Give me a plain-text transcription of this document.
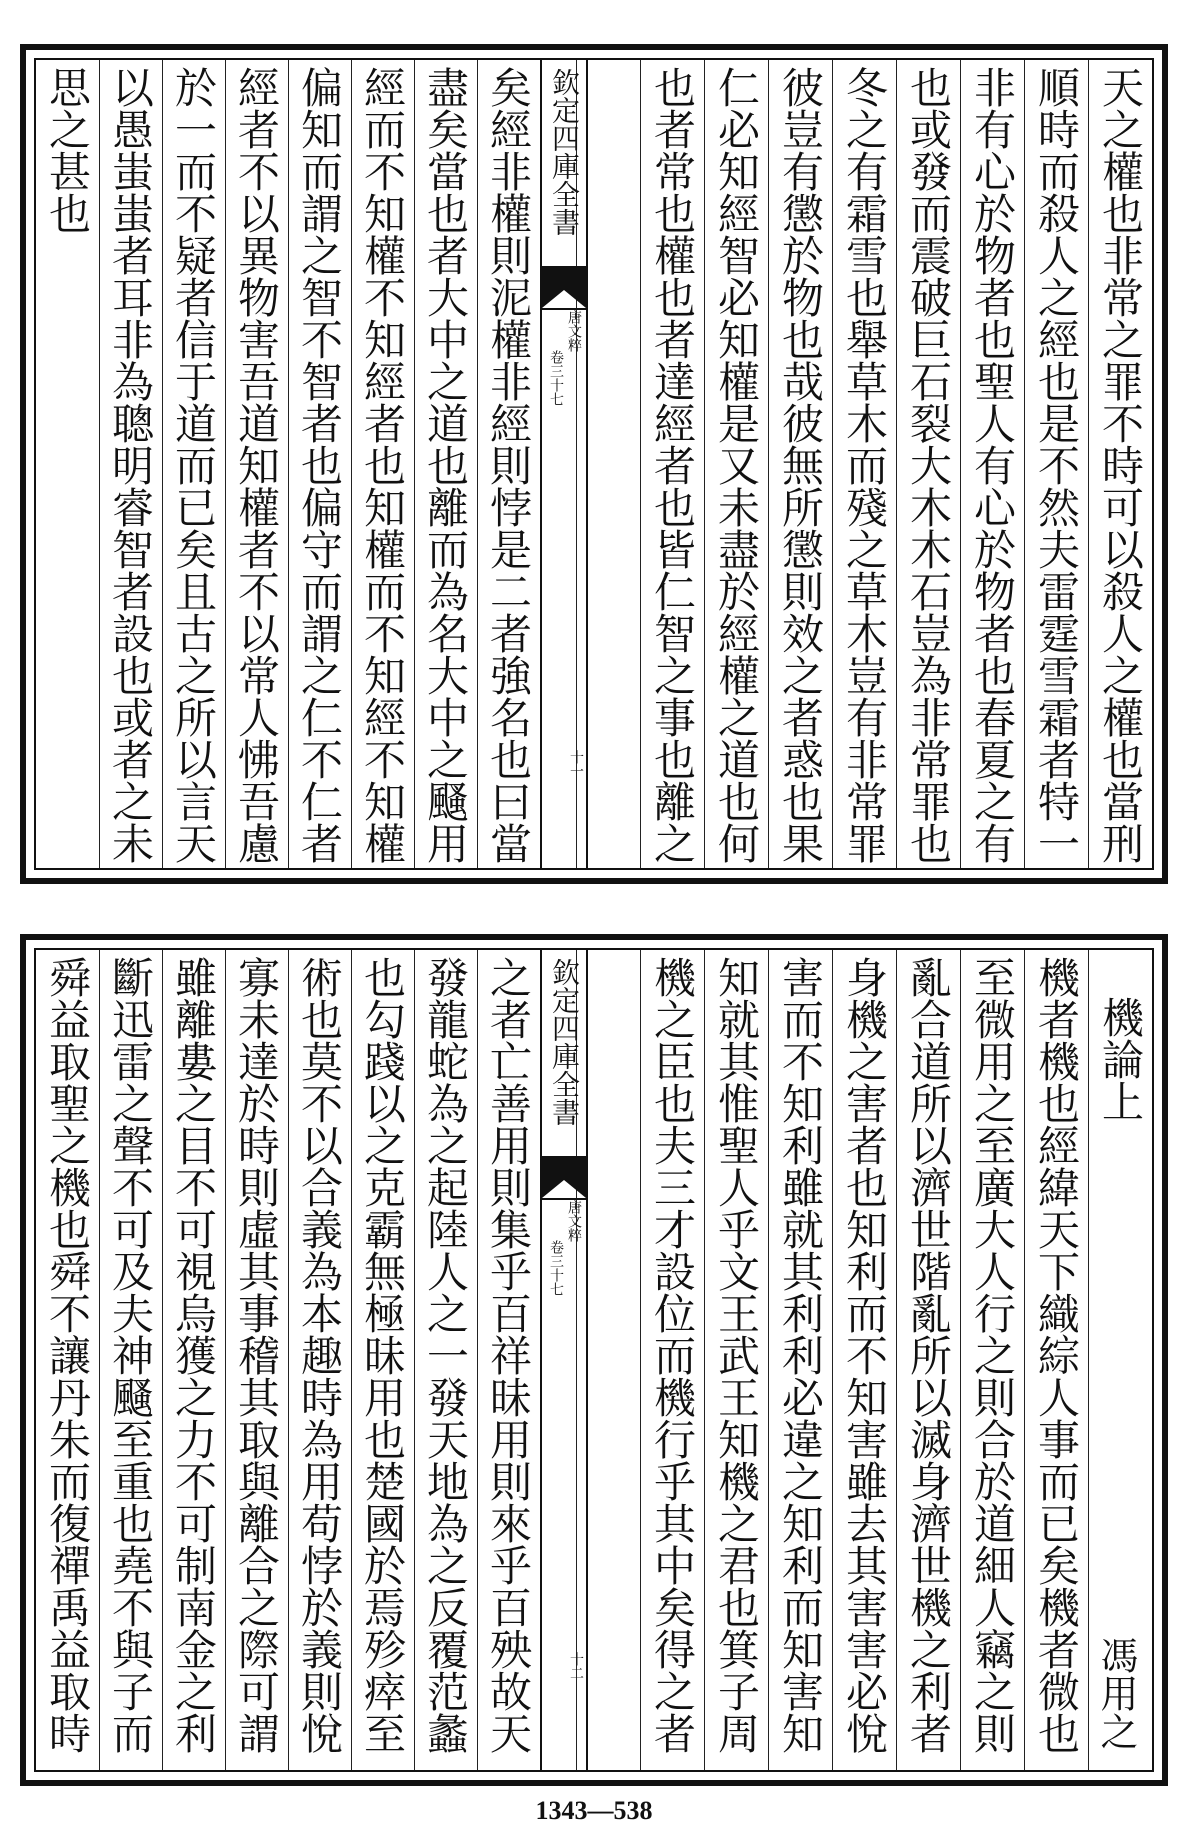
天之權也非常之罪不時可以殺人之權也當刑
順時而殺人之經也是不然夫雷霆雪霜者特一
非有心於物者也聖人有心於物者也春夏之有
也或發而震破巨石裂大木木石豈為非常罪也
冬之有霜雪也舉草木而殘之草木豈有非常罪
彼豈有懲於物也哉彼無所懲則效之者惑也果
仁必知經智必知權是又未盡於經權之道也何
也者常也權也者達經者也皆仁智之事也離之
欽定四庫全書
唐文粹
卷三十七
十一
矣經非權則泥權非經則悖是二者強名也曰當
盡矣當也者大中之道也離而為名大中之颾用
經而不知權不知經者也知權而不知經不知權
偏知而謂之智不智者也偏守而謂之仁不仁者
經者不以異物害吾道知權者不以常人怫吾慮
於一而不疑者信于道而已矣且古之所以言天
以愚蚩蚩者耳非為聰明睿智者設也或者之未
思之甚也
機論上
馮用之
機者機也經緯天下織綜人事而已矣機者微也
至微用之至廣大人行之則合於道細人竊之則
亂合道所以濟世階亂所以滅身濟世機之利者
身機之害者也知利而不知害雖去其害害必悅
害而不知利雖就其利利必違之知利而知害知
知就其惟聖人乎文王武王知機之君也箕子周
機之臣也夫三才設位而機行乎其中矣得之者
欽定四庫全書
唐文粹
卷三十七
十二
之者亡善用則集乎百祥昧用則來乎百殃故天
發龍蛇為之起陸人之一發天地為之反覆范蠡
也勾踐以之克霸無極昧用也楚國於焉殄瘁至
術也莫不以合義為本趣時為用苟悖於義則悅
寡未達於時則虛其事稽其取與離合之際可謂
雖離婁之目不可視烏獲之力不可制南金之利
斷迅雷之聲不可及夫神颾至重也堯不與子而
舜益取聖之機也舜不讓丹朱而復禪禹益取時
1343—538
